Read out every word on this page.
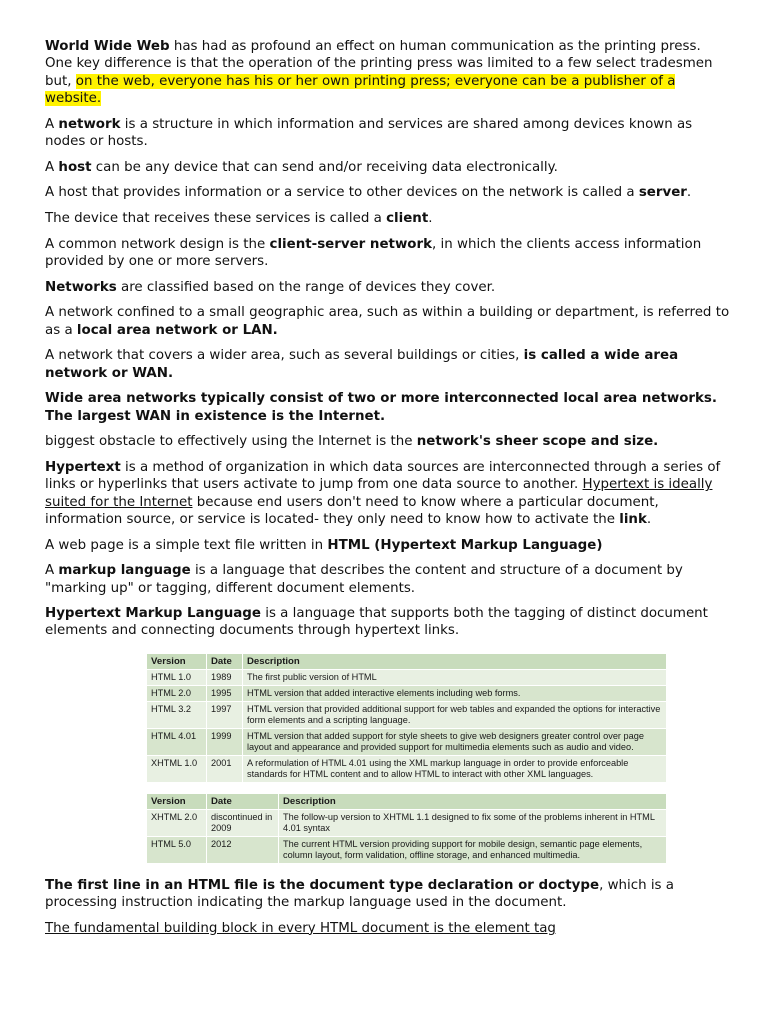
World Wide Web has had as profound an effect on human communication as the printing press. One key difference is that the operation of the printing press was limited to a few select tradesmen but, on the web, everyone has his or her own printing press; everyone can be a publisher of a website.

A network is a structure in which information and services are shared among devices known as nodes or hosts.

A host can be any device that can send and/or receiving data electronically.

A host that provides information or a service to other devices on the network is called a server.

The device that receives these services is called a client.

A common network design is the client-server network, in which the clients access information provided by one or more servers.

Networks are classified based on the range of devices they cover.

A network confined to a small geographic area, such as within a building or department, is referred to as a local area network or LAN.

A network that covers a wider area, such as several buildings or cities, is called a wide area network or WAN.

Wide area networks typically consist of two or more interconnected local area networks. The largest WAN in existence is the Internet.

biggest obstacle to effectively using the Internet is the network's sheer scope and size.

Hypertext is a method of organization in which data sources are interconnected through a series of links or hyperlinks that users activate to jump from one data source to another. Hypertext is ideally suited for the Internet because end users don't need to know where a particular document, information source, or service is located- they only need to know how to activate the link.

A web page is a simple text file written in HTML (Hypertext Markup Language)

A markup language is a language that describes the content and structure of a document by "marking up" or tagging, different document elements.

Hypertext Markup Language is a language that supports both the tagging of distinct document elements and connecting documents through hypertext links.

Version	Date	Description
HTML 1.0	1989	The first public version of HTML
HTML 2.0	1995	HTML version that added interactive elements including web forms.
HTML 3.2	1997	HTML version that provided additional support for web tables and expanded the options for interactive form elements and a scripting language.
HTML 4.01	1999	HTML version that added support for style sheets to give web designers greater control over page layout and appearance and provided support for multimedia elements such as audio and video.
XHTML 1.0	2001	A reformulation of HTML 4.01 using the XML markup language in order to provide enforceable standards for HTML content and to allow HTML to interact with other XML languages.
Version	Date	Description
XHTML 2.0	discontinued in 2009	The follow-up version to XHTML 1.1 designed to fix some of the problems inherent in HTML 4.01 syntax
HTML 5.0	2012	The current HTML version providing support for mobile design, semantic page elements, column layout, form validation, offline storage, and enhanced multimedia.

The first line in an HTML file is the document type declaration or doctype, which is a processing instruction indicating the markup language used in the document.

The fundamental building block in every HTML document is the element tag
